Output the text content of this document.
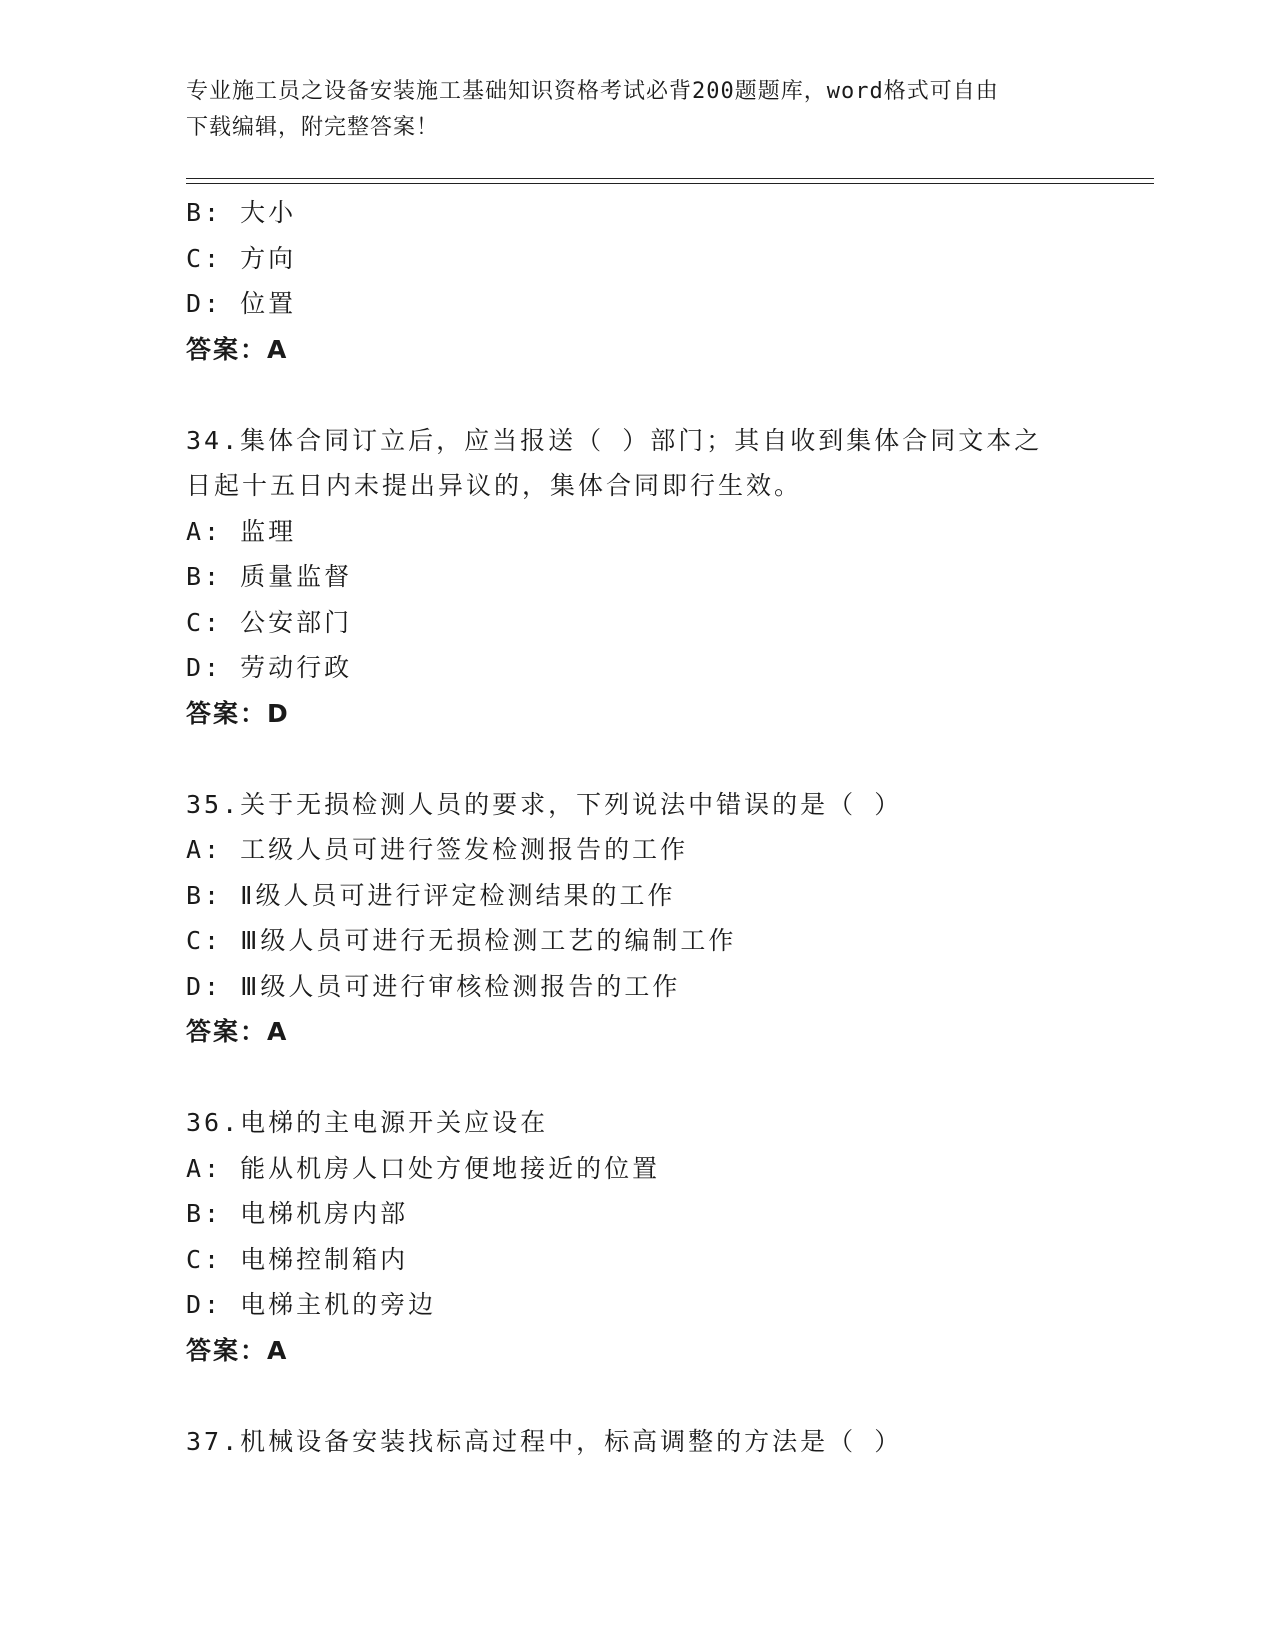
专业施工员之设备安装施工基础知识资格考试必背200题题库，word格式可自由
下载编辑，附完整答案！
B: 大小
C: 方向
D: 位置
答案：A
34.集体合同订立后，应当报送（ ）部门；其自收到集体合同文本之
日起十五日内未提出异议的，集体合同即行生效。
A: 监理
B: 质量监督
C: 公安部门
D: 劳动行政
答案：D
35.关于无损检测人员的要求，下列说法中错误的是（ ）
A: 工级人员可进行签发检测报告的工作
B: Ⅱ级人员可进行评定检测结果的工作
C: Ⅲ级人员可进行无损检测工艺的编制工作
D: Ⅲ级人员可进行审核检测报告的工作
答案：A
36.电梯的主电源开关应设在
A: 能从机房人口处方便地接近的位置
B: 电梯机房内部
C: 电梯控制箱内
D: 电梯主机的旁边
答案：A
37.机械设备安装找标高过程中，标高调整的方法是（ ）
